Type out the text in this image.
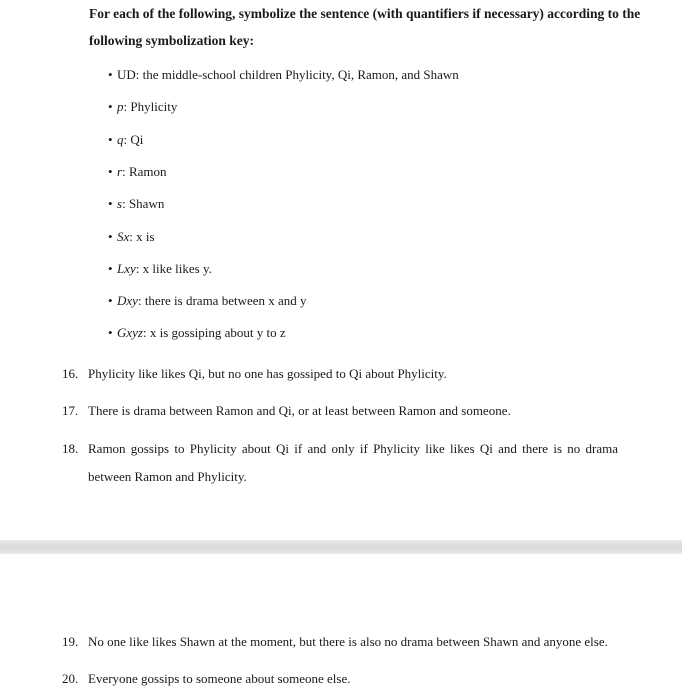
For each of the following, symbolize the sentence (with quantifiers if necessary) according to the following symbolization key:
• UD: the middle-school children Phylicity, Qi, Ramon, and Shawn
• p: Phylicity
• q: Qi
• r: Ramon
• s: Shawn
• Sx: x is
• Lxy: x like likes y.
• Dxy: there is drama between x and y
• Gxyz: x is gossiping about y to z
16. Phylicity like likes Qi, but no one has gossiped to Qi about Phylicity.
17. There is drama between Ramon and Qi, or at least between Ramon and someone.
18. Ramon gossips to Phylicity about Qi if and only if Phylicity like likes Qi and there is no drama between Ramon and Phylicity.
19. No one like likes Shawn at the moment, but there is also no drama between Shawn and anyone else.
20. Everyone gossips to someone about someone else.
